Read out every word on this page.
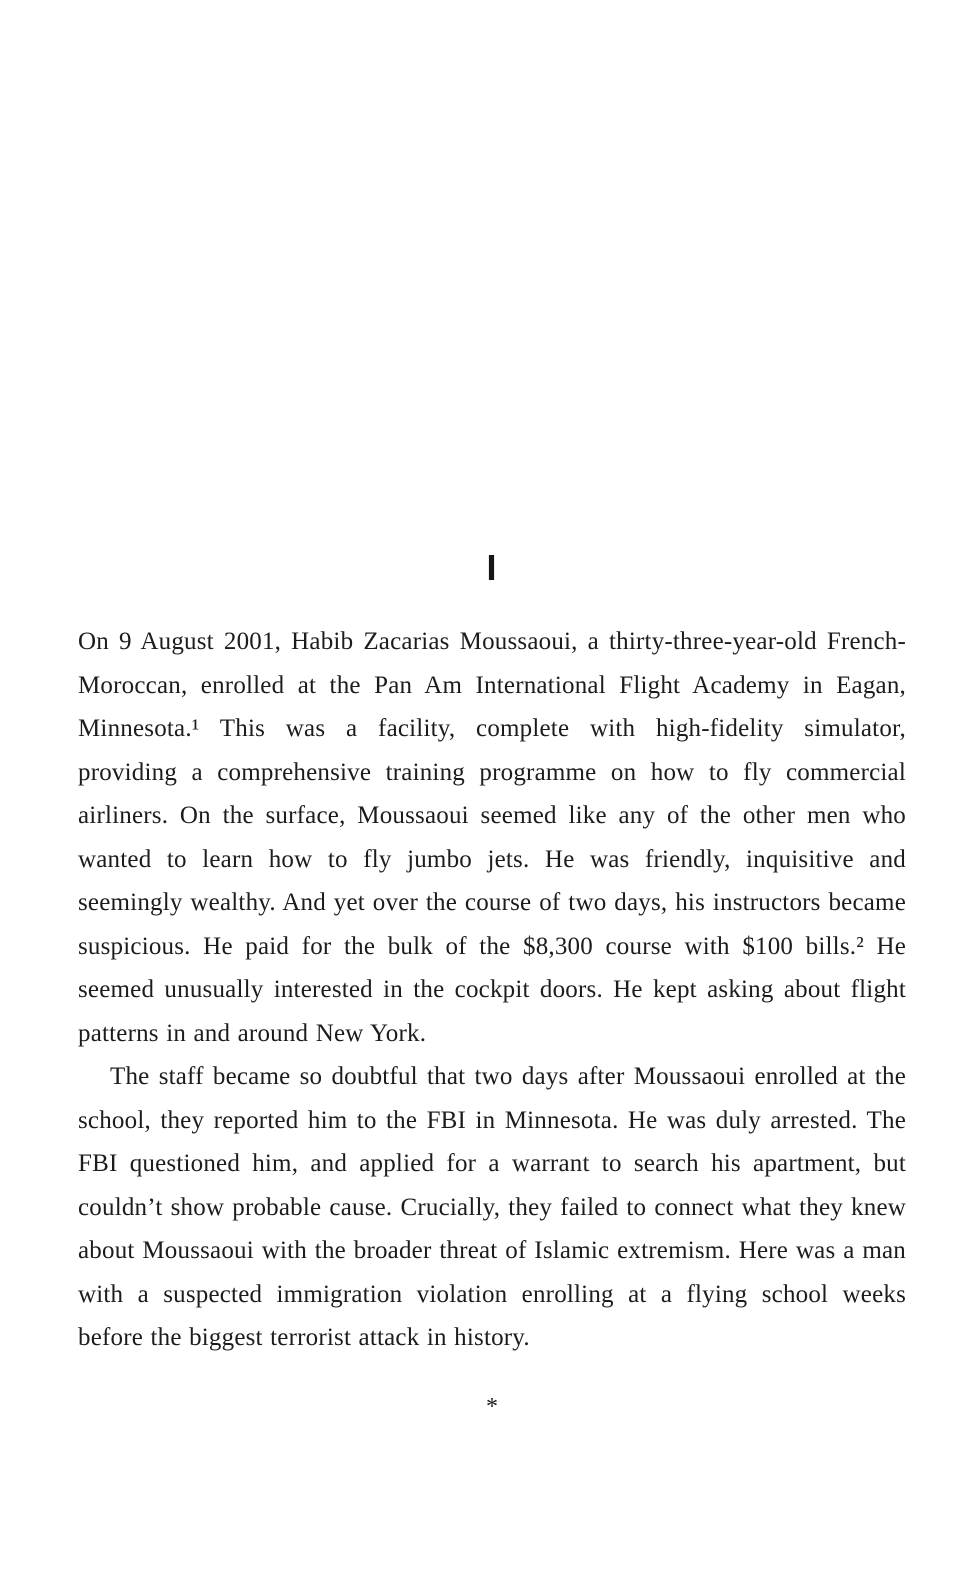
I

On 9 August 2001, Habib Zacarias Moussaoui, a thirty-three-year-old French-Moroccan, enrolled at the Pan Am International Flight Academy in Eagan, Minnesota.¹ This was a facility, complete with high-fidelity simulator, providing a comprehensive training programme on how to fly commercial airliners. On the surface, Moussaoui seemed like any of the other men who wanted to learn how to fly jumbo jets. He was friendly, inquisitive and seemingly wealthy. And yet over the course of two days, his instructors became suspicious. He paid for the bulk of the $8,300 course with $100 bills.² He seemed unusually interested in the cockpit doors. He kept asking about flight patterns in and around New York.

The staff became so doubtful that two days after Moussaoui enrolled at the school, they reported him to the FBI in Minnesota. He was duly arrested. The FBI questioned him, and applied for a warrant to search his apartment, but couldn’t show probable cause. Crucially, they failed to connect what they knew about Moussaoui with the broader threat of Islamic extremism. Here was a man with a suspected immigration violation enrolling at a flying school weeks before the biggest terrorist attack in history.

*
